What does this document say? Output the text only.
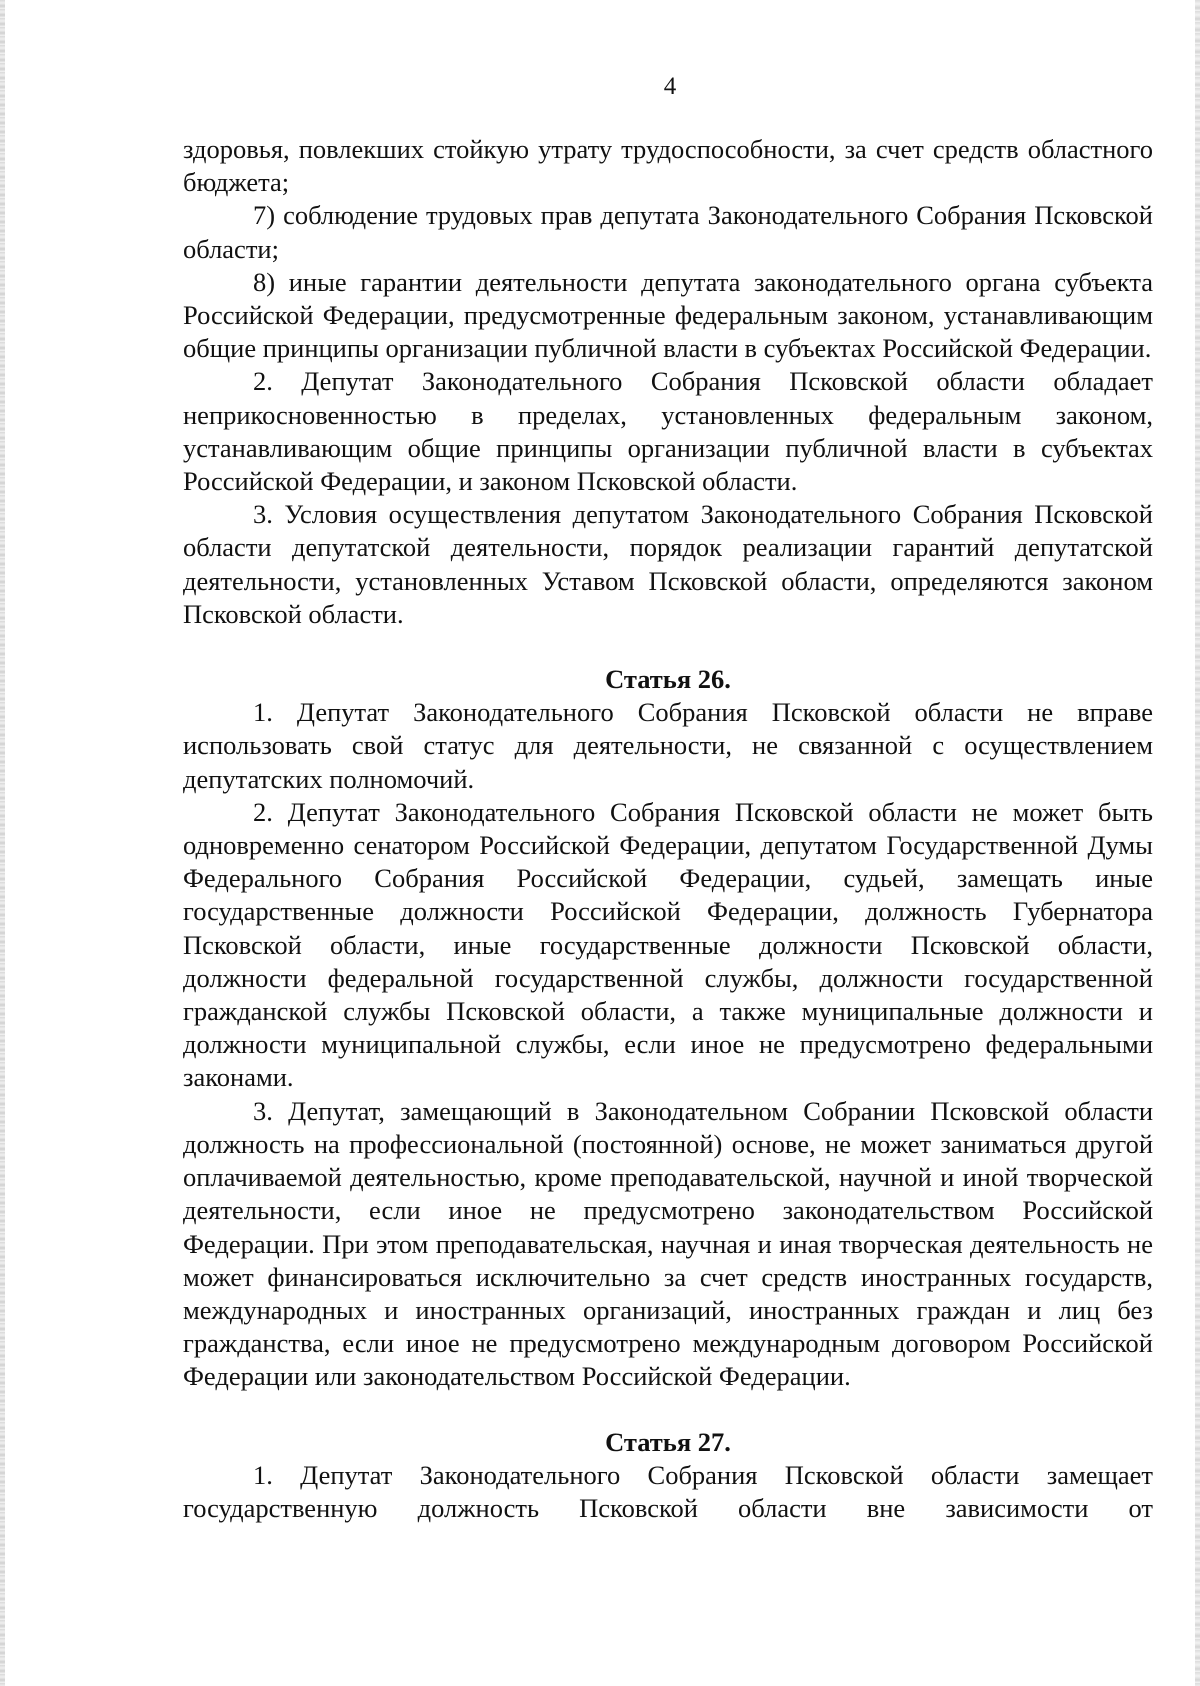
4

здоровья, повлекших стойкую утрату трудоспособности, за счет средств областного бюджета;

7) соблюдение трудовых прав депутата Законодательного Собрания Псковской области;

8) иные гарантии деятельности депутата законодательного органа субъекта Российской Федерации, предусмотренные федеральным законом, устанавливающим общие принципы организации публичной власти в субъектах Российской Федерации.

2. Депутат Законодательного Собрания Псковской области обладает неприкосновенностью в пределах, установленных федеральным законом, устанавливающим общие принципы организации публичной власти в субъектах Российской Федерации, и законом Псковской области.

3. Условия осуществления депутатом Законодательного Собрания Псковской области депутатской деятельности, порядок реализации гарантий депутатской деятельности, установленных Уставом Псковской области, определяются законом Псковской области.

Статья 26.

1. Депутат Законодательного Собрания Псковской области не вправе использовать свой статус для деятельности, не связанной с осуществлением депутатских полномочий.

2. Депутат Законодательного Собрания Псковской области не может быть одновременно сенатором Российской Федерации, депутатом Государственной Думы Федерального Собрания Российской Федерации, судьей, замещать иные государственные должности Российской Федерации, должность Губернатора Псковской области, иные государственные должности Псковской области, должности федеральной государственной службы, должности государственной гражданской службы Псковской области, а также муниципальные должности и должности муниципальной службы, если иное не предусмотрено федеральными законами.

3. Депутат, замещающий в Законодательном Собрании Псковской области должность на профессиональной (постоянной) основе, не может заниматься другой оплачиваемой деятельностью, кроме преподавательской, научной и иной творческой деятельности, если иное не предусмотрено законодательством Российской Федерации. При этом преподавательская, научная и иная творческая деятельность не может финансироваться исключительно за счет средств иностранных государств, международных и иностранных организаций, иностранных граждан и лиц без гражданства, если иное не предусмотрено международным договором Российской Федерации или законодательством Российской Федерации.

Статья 27.

1. Депутат Законодательного Собрания Псковской области замещает государственную должность Псковской области вне зависимости от
